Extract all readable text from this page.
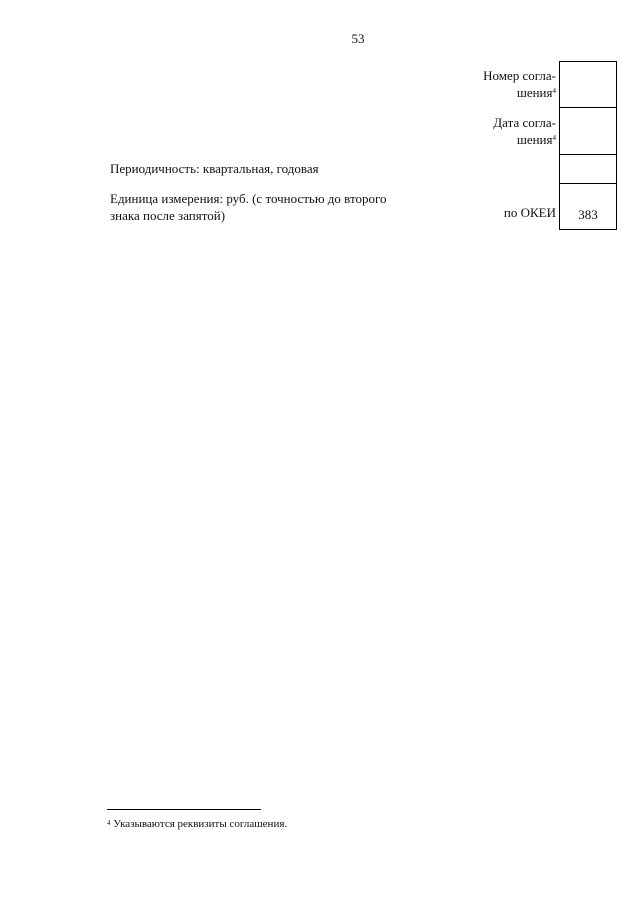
53
Номер согла-
шения$^4$
Дата согла-
шения$^4$
по ОКЕИ	383
Периодичность: квартальная, годовая
Единица измерения: руб. (с точностью до второго
знака после запятой)
$^4$ Указываются реквизиты соглашения.
